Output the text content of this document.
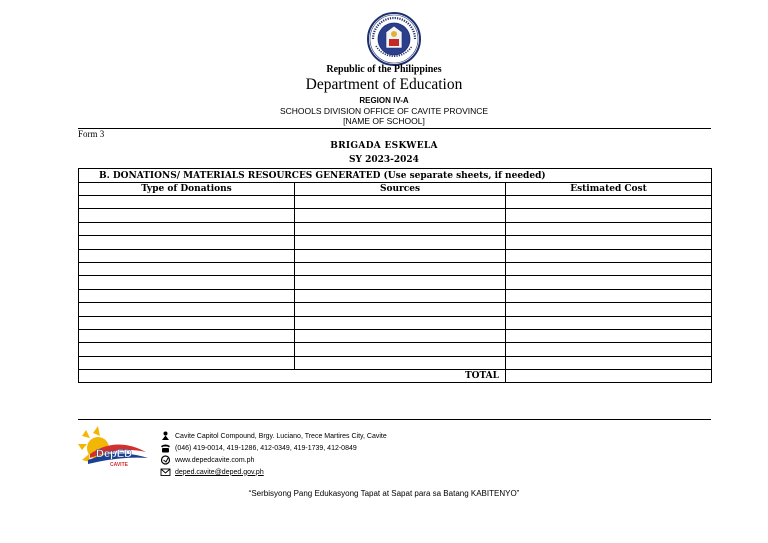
Republic of the Philippines
Department of Education
REGION IV-A
SCHOOLS DIVISION OFFICE OF CAVITE PROVINCE
[NAME OF SCHOOL]
Form 3
BRIGADA ESKWELA
SY 2023-2024
B. DONATIONS/ MATERIALS RESOURCES GENERATED (Use separate sheets, if needed)		
Type of Donations	Sources	Estimated Cost

TOTAL		
DepED
CAVITE
Cavite Capitol Compound, Brgy. Luciano, Trece Martires City, Cavite
(046) 419-0014, 419-1286, 412-0349, 419-1739, 412-0849
www.depedcavite.com.ph
deped.cavite@deped.gov.ph
“Serbisyong Pang Edukasyong Tapat at Sapat para sa Batang KABITENYO”
